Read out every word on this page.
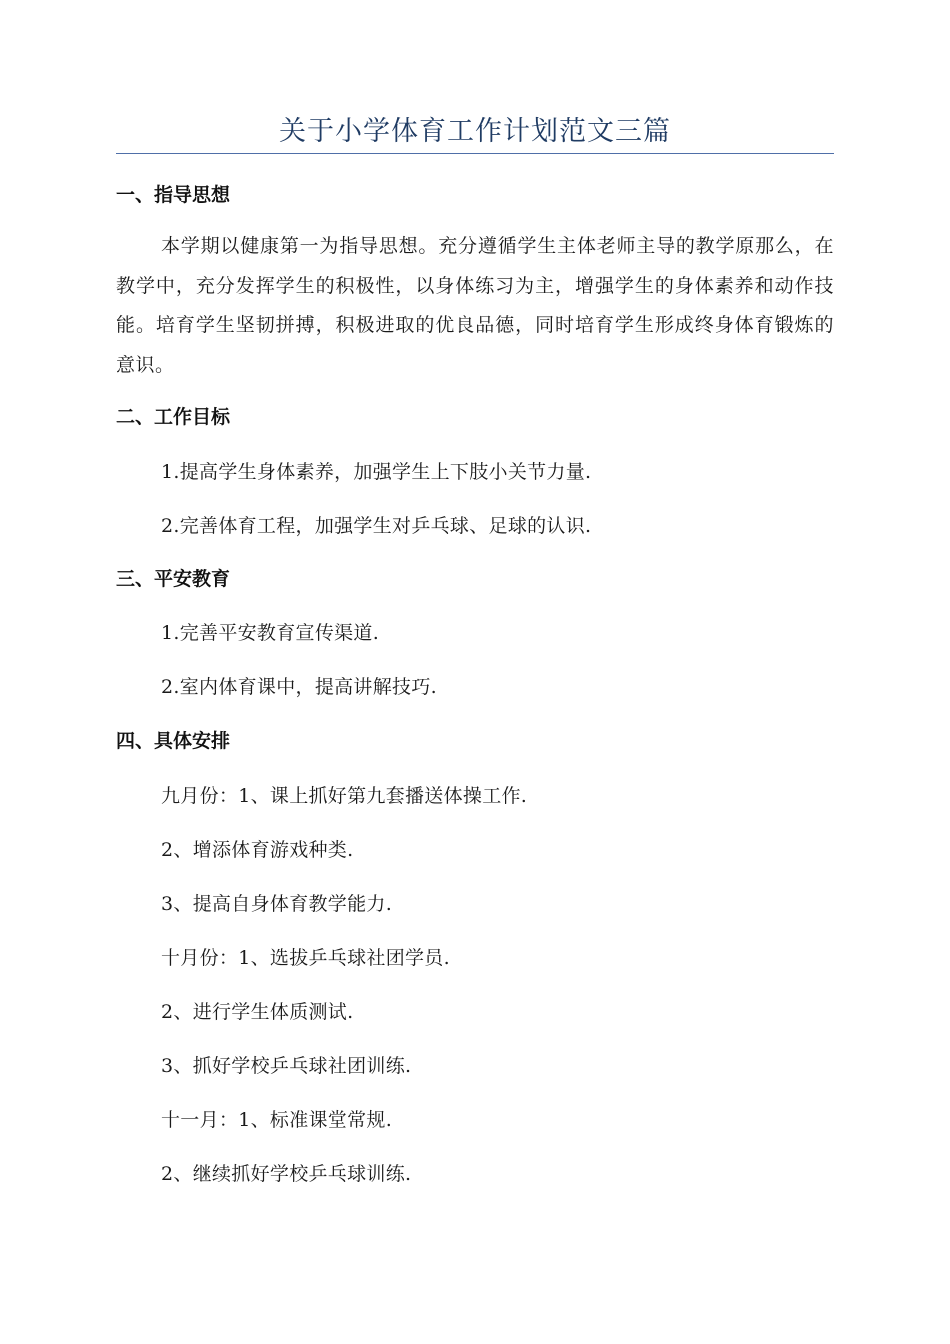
关于小学体育工作计划范文三篇
一、指导思想

本学期以健康第一为指导思想。充分遵循学生主体老师主导的教学原那么，在教学中，充分发挥学生的积极性，以身体练习为主，增强学生的身体素养和动作技能。培育学生坚韧拼搏，积极进取的优良品德，同时培育学生形成终身体育锻炼的意识。

二、工作目标
1.提高学生身体素养，加强学生上下肢小关节力量.
2.完善体育工程，加强学生对乒乓球、足球的认识.
三、平安教育
1.完善平安教育宣传渠道.
2.室内体育课中，提高讲解技巧.
四、具体安排
九月份：1、课上抓好第九套播送体操工作.
2、增添体育游戏种类.
3、提高自身体育教学能力.
十月份：1、选拔乒乓球社团学员.
2、进行学生体质测试.
3、抓好学校乒乓球社团训练.
十一月：1、标准课堂常规.
2、继续抓好学校乒乓球训练.
